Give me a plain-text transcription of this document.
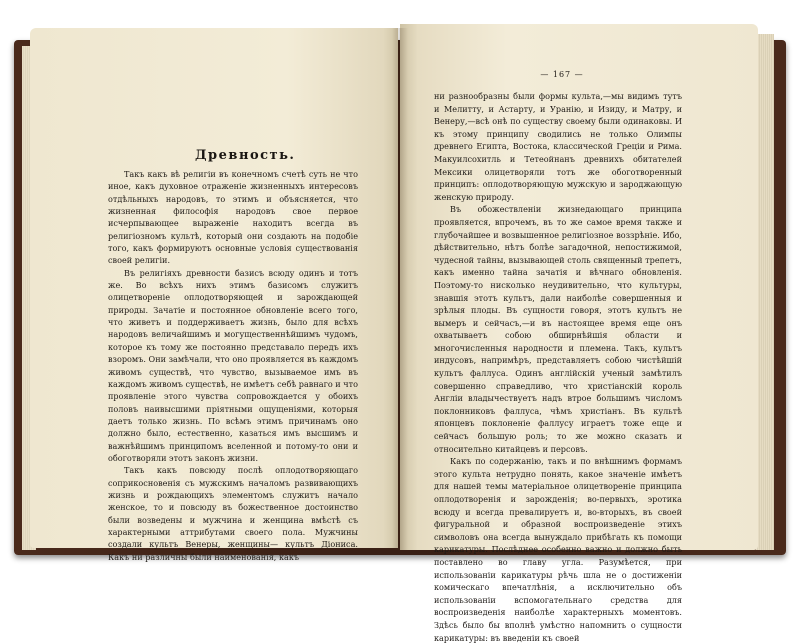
Древность.

Такъ какъ вѣ религіи въ конечномъ счетѣ суть не что иное, какъ духовное отраженіе жизненныхъ интересовъ отдѣльныхъ народовъ, то этимъ и объясняется, что жизненная философія народовъ свое первое исчерпывающее выраженіе находитъ всегда въ религіозномъ культѣ, который они создають на подобіе того, какъ формируютъ основные условія существованія своей религіи.

Въ религіяхъ древности базисъ всюду одинъ и тотъ же. Во всѣхъ нихъ этимъ базисомъ служитъ олицетвореніе оплодотворяющей и зарождающей природы. Зачатіе и постоянное обновленіе всего того, что живетъ и поддерживаетъ жизнь, было для всѣхъ народовъ величайшимъ и могущественнѣйшимъ чудомъ, которое къ тому же постоянно представало передъ ихъ взоромъ. Они замѣчали, что оно проявляется въ каждомъ живомъ существѣ, что чувство, вызываемое имъ въ каждомъ живомъ существѣ, не имѣетъ себѣ равнаго и что проявленіе этого чувства сопровождается у обоихъ половъ наивысшими пріятными ощущеніями, которыя даетъ только жизнь. По всѣмъ этимъ причинамъ оно должно было, естественно, казаться имъ высшимъ и важнѣйшимъ принципомъ вселенной и потому-то они и обоготворяли этотъ законъ жизни.

Такъ какъ повсюду послѣ оплодотворяющаго соприкосновенія съ мужскимъ началомъ развивающихъ жизнь и рождающихъ элементомъ служитъ начало женское, то и повсюду въ божественное достоинство были возведены и мужчина и женщина вмѣстѣ съ характерными аттрибутами своего пола. Мужчины создали культъ Венеры, женщины— культъ Діониса. Какъ ни различны были наименованія, какъ

— 167 —

ни разнообразны были формы культа,—мы видимъ тутъ и Мелитту, и Астарту, и Уранію, и Изиду, и Матру, и Венеру,—всѣ онѣ по существу своему были одинаковы. И къ этому принципу сводились не только Олимпы древнего Египта, Востока, классической Греціи и Рима. Макуилсохитль и Тетеойнанъ древнихъ обитателей Мексики олицетворяли тотъ же обоготворенный принципъ: оплодотворяющую мужскую и зароджающую женскую природу.

Въ обожествленіи жизнедающаго принципа проявляется, впрочемъ, въ то же самое время также и глубочайшее и возвышенное религіозное воззрѣніе. Ибо, дѣйствительно, нѣтъ болѣе загадочной, непостижимой, чудесной тайны, вызывающей столь священный трепетъ, какъ именно тайна зачатія и вѣчнаго обновленія. Поэтому-то нисколько неудивительно, что культуры, знавшія этотъ культъ, дали наиболѣе совершенныя и зрѣлыя плоды. Въ сущности говоря, этотъ культъ не вымеръ и сейчасъ,—и въ настоящее время еще онъ охватываетъ собою обширнѣйшія области и многочисленныя народности и племена. Такъ, культъ индусовъ, напримѣръ, представляетъ собою чистѣйшій культъ фаллуса. Одинъ англійскій ученый замѣтилъ совершенно справедливо, что христіанскій король Англіи владычествуетъ надъ втрое большимъ числомъ поклонниковъ фаллуса, чѣмъ христіанъ. Въ культѣ японцевъ поклоненіе фаллусу играетъ тоже еще и сейчасъ большую роль; то же можно сказать и относительно китайцевъ и персовъ.

Какъ по содержанію, такъ и по внѣшнимъ формамъ этого культа нетрудно понять, какое значеніе имѣетъ для нашей темы матеріальное олицетвореніе принципа оплодотворенія и зарожденія; во-первыхъ, эротика всюду и всегда превалируетъ и, во-вторыхъ, въ своей фигуральной и образной воспроизведеніе этихъ символовъ она всегда вынуждало прибѣгать къ помощи карикатуры. Послѣднее особенно важно и должно быть поставлено во главу угла. Разумѣется, при использованіи карикатуры рѣчь шла не о достиженіи комическаго впечатлѣнія, а исключительно объ использованіи вспомогательнаго средства для воспроизведенія наиболѣе характерныхъ моментовъ. Здѣсь было бы вполнѣ умѣстно напомнить о сущности карикатуры: въ введеніи къ своей
